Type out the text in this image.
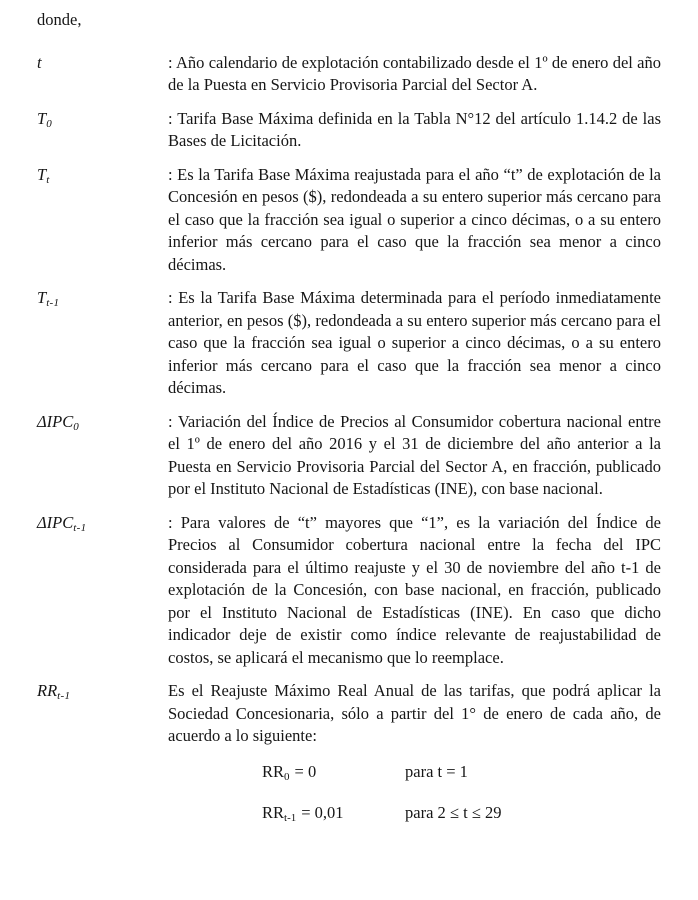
donde,

t	: Año calendario de explotación contabilizado desde el 1º de enero del año de la Puesta en Servicio Provisoria Parcial del Sector A.
$T_0$	: Tarifa Base Máxima definida en la Tabla N°12 del artículo 1.14.2 de las Bases de Licitación.
$T_t$	: Es la Tarifa Base Máxima reajustada para el año “t” de explotación de la Concesión en pesos ($), redondeada a su entero superior más cercano para el caso que la fracción sea igual o superior a cinco décimas, o a su entero inferior más cercano para el caso que la fracción sea menor a cinco décimas.
$T_{t-1}$	: Es la Tarifa Base Máxima determinada para el período inmediatamente anterior, en pesos ($), redondeada a su entero superior más cercano para el caso que la fracción sea igual o superior a cinco décimas, o a su entero inferior más cercano para el caso que la fracción sea menor a cinco décimas.
$\Delta IPC_0$	: Variación del Índice de Precios al Consumidor cobertura nacional entre el 1º de enero del año 2016 y el 31 de diciembre del año anterior a la Puesta en Servicio Provisoria Parcial del Sector A, en fracción, publicado por el Instituto Nacional de Estadísticas (INE), con base nacional.
$\Delta IPC_{t-1}$	: Para valores de “t” mayores que “1”, es la variación del Índice de Precios al Consumidor cobertura nacional entre la fecha del IPC considerada para el último reajuste y el 30 de noviembre del año t-1 de explotación de la Concesión, con base nacional, en fracción, publicado por el Instituto Nacional de Estadísticas (INE). En caso que dicho indicador deje de existir como índice relevante de reajustabilidad de costos, se aplicará el mecanismo que lo reemplace.
$RR_{t-1}$	Es el Reajuste Máximo Real Anual de las tarifas, que podrá aplicar la Sociedad Concesionaria, sólo a partir del 1° de enero de cada año, de acuerdo a lo siguiente:
$RR_0 = 0$	para t = 1
$RR_{t-1} = 0,01$	para 2 ≤ t ≤ 29
